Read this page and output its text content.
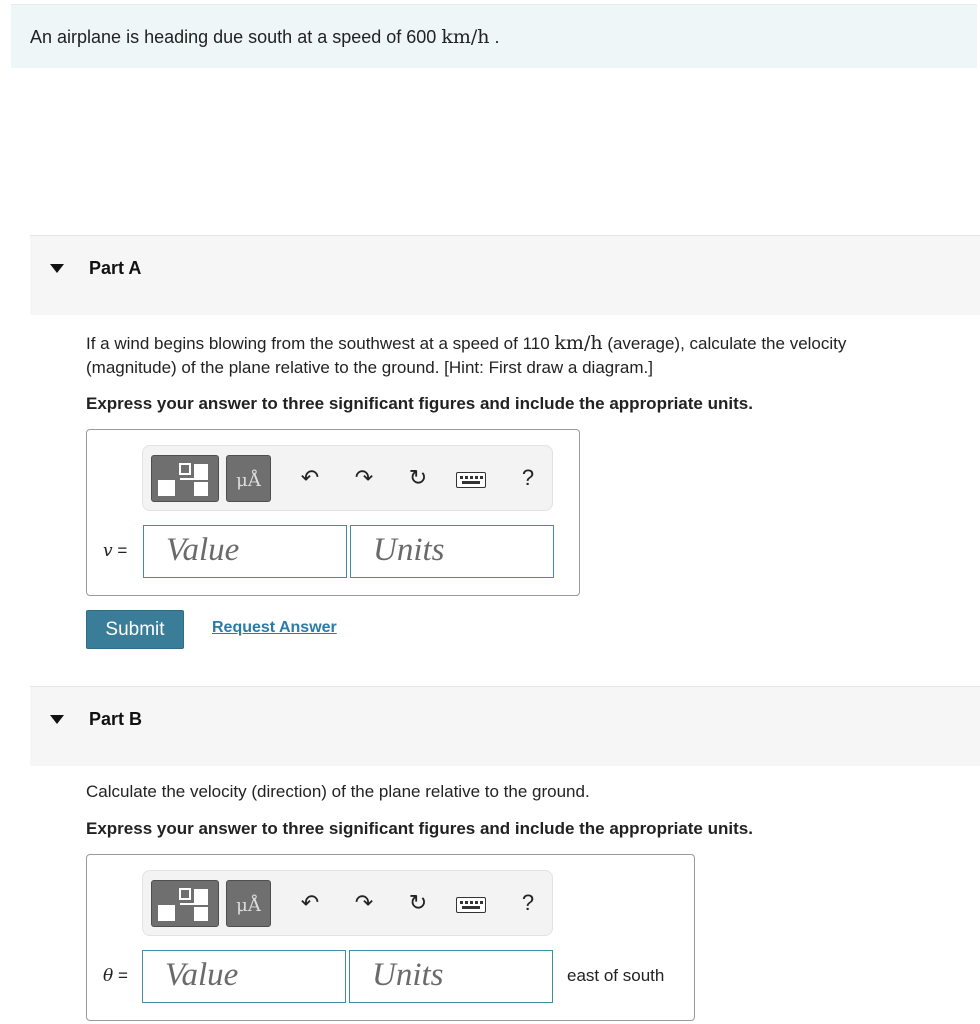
An airplane is heading due south at a speed of 600 km/h .
Part A
If a wind begins blowing from the southwest at a speed of 110 km/h (average), calculate the velocity (magnitude) of the plane relative to the ground. [Hint: First draw a diagram.]
Express your answer to three significant figures and include the appropriate units.
μÅ	↶ ↷ ↻	?
v =	Value	Units
Submit	Request Answer
Part B
Calculate the velocity (direction) of the plane relative to the ground.
Express your answer to three significant figures and include the appropriate units.
μÅ	↶ ↷ ↻	?
θ =	Value	Units	east of south
